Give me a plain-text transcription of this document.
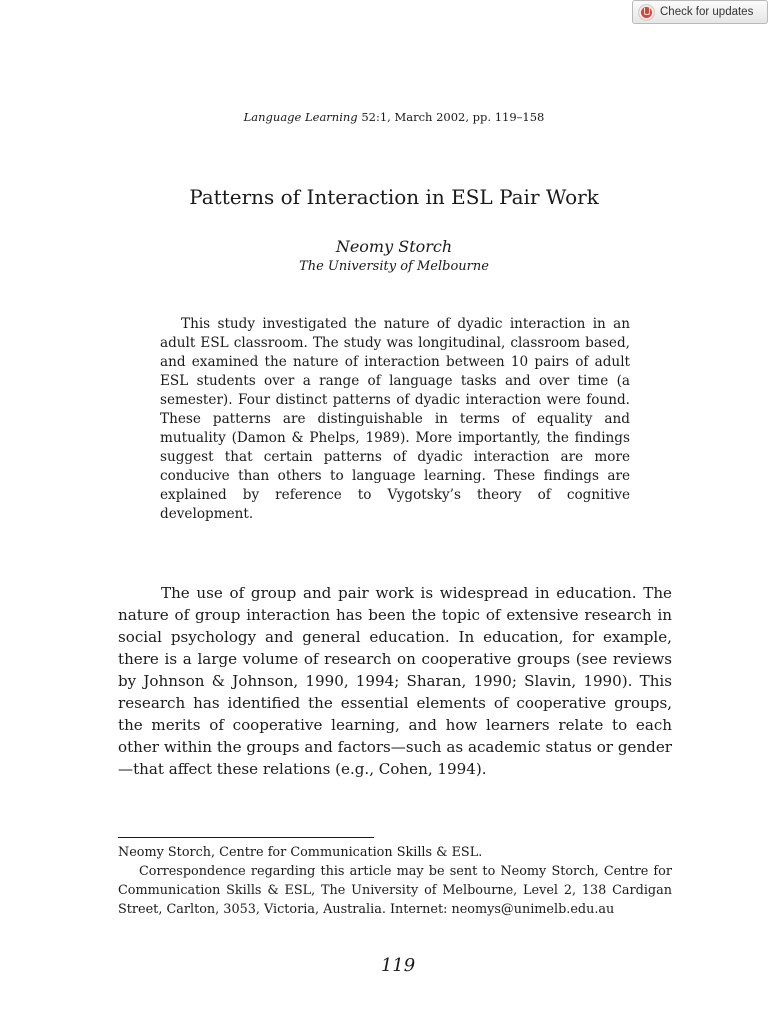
Check for updates
Language Learning 52:1, March 2002, pp. 119–158
Patterns of Interaction in ESL Pair Work
Neomy Storch
The University of Melbourne

This study investigated the nature of dyadic interaction in an adult ESL classroom. The study was longitudinal, classroom based, and examined the nature of interaction between 10 pairs of adult ESL students over a range of language tasks and over time (a semester). Four distinct patterns of dyadic interaction were found. These patterns are distinguishable in terms of equality and mutuality (Damon & Phelps, 1989). More importantly, the findings suggest that certain patterns of dyadic interaction are more conducive than others to language learning. These findings are explained by reference to Vygotsky’s theory of cognitive development.

The use of group and pair work is widespread in education. The nature of group interaction has been the topic of extensive research in social psychology and general education. In education, for example, there is a large volume of research on cooperative groups (see reviews by Johnson & Johnson, 1990, 1994; Sharan, 1990; Slavin, 1990). This research has identified the essential elements of cooperative groups, the merits of cooperative learning, and how learners relate to each other within the groups and factors—such as academic status or gender—that affect these relations (e.g., Cohen, 1994).

Neomy Storch, Centre for Communication Skills & ESL.

Correspondence regarding this article may be sent to Neomy Storch, Centre for Communication Skills & ESL, The University of Melbourne, Level 2, 138 Cardigan Street, Carlton, 3053, Victoria, Australia. Internet: neomys@unimelb.edu.au

119
